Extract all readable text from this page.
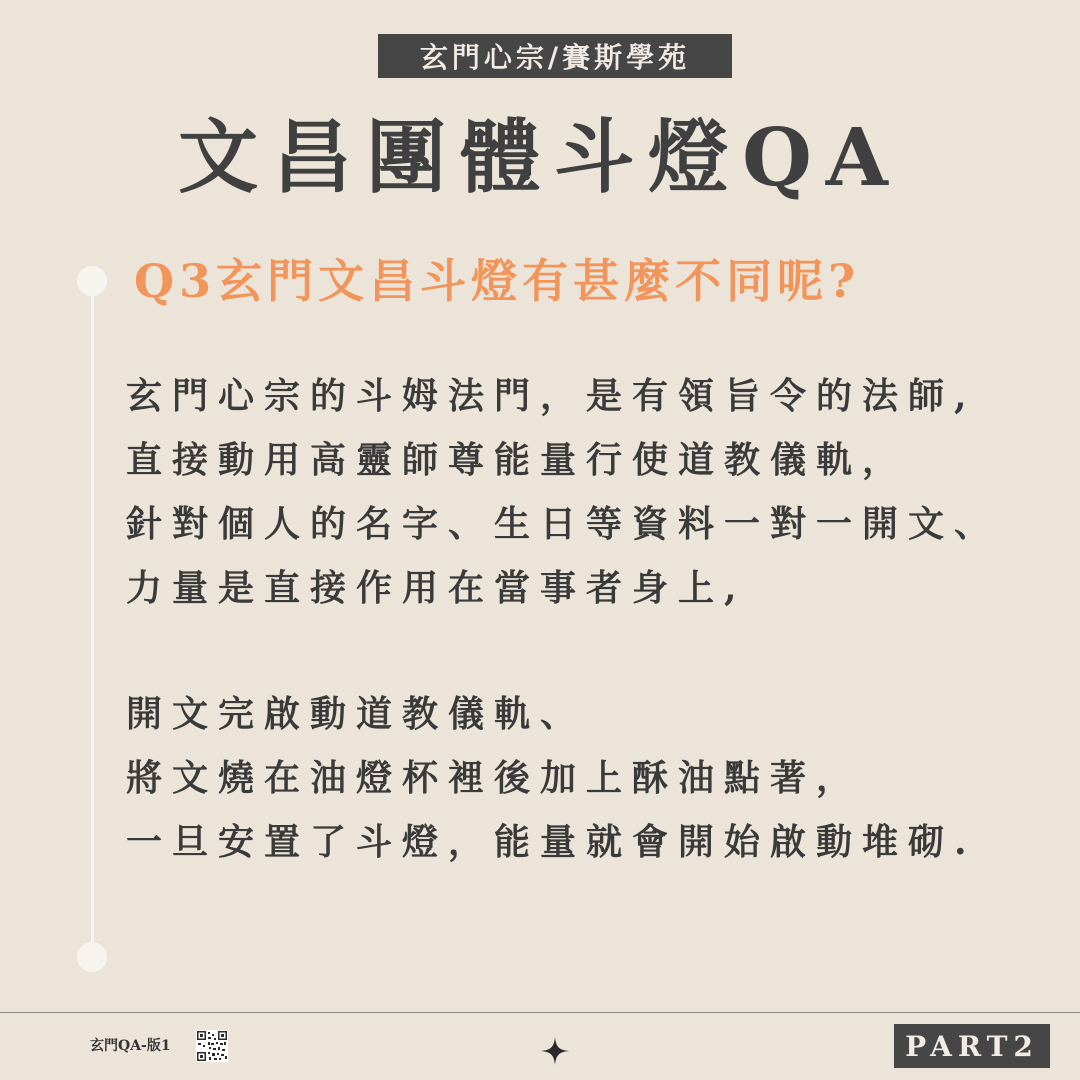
玄門心宗/賽斯學苑
文昌團體斗燈QA
Q3玄門文昌斗燈有甚麼不同呢?
玄門心宗的斗姆法門，是有領旨令的法師,
直接動用高靈師尊能量行使道教儀軌，
針對個人的名字、生日等資料一對一開文、
力量是直接作用在當事者身上,
開文完啟動道教儀軌、
將文燒在油燈杯裡後加上酥油點著，
一旦安置了斗燈，能量就會開始啟動堆砌.
玄門QA-版1	PART2
